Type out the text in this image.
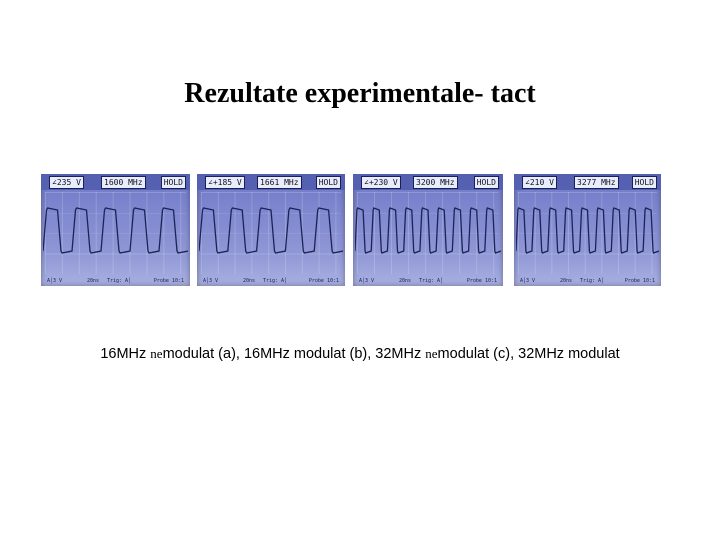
Rezultate experimentale- tact
∠235 V	1600 MHz	HOLD
A│3 V	20ns Trig: A│	Probe 10:1
∠+185 V	1661 MHz	HOLD
A│3 V	20ns Trig: A│	Probe 10:1
∠+230 V	3200 MHz	HOLD
A│3 V	20ns Trig: A│	Probe 10:1
∠210 V	3277 MHz	HOLD
A│3 V	20ns Trig: A│	Probe 10:1
16MHz nemodulat (a), 16MHz modulat (b), 32MHz nemodulat (c), 32MHz modulat
